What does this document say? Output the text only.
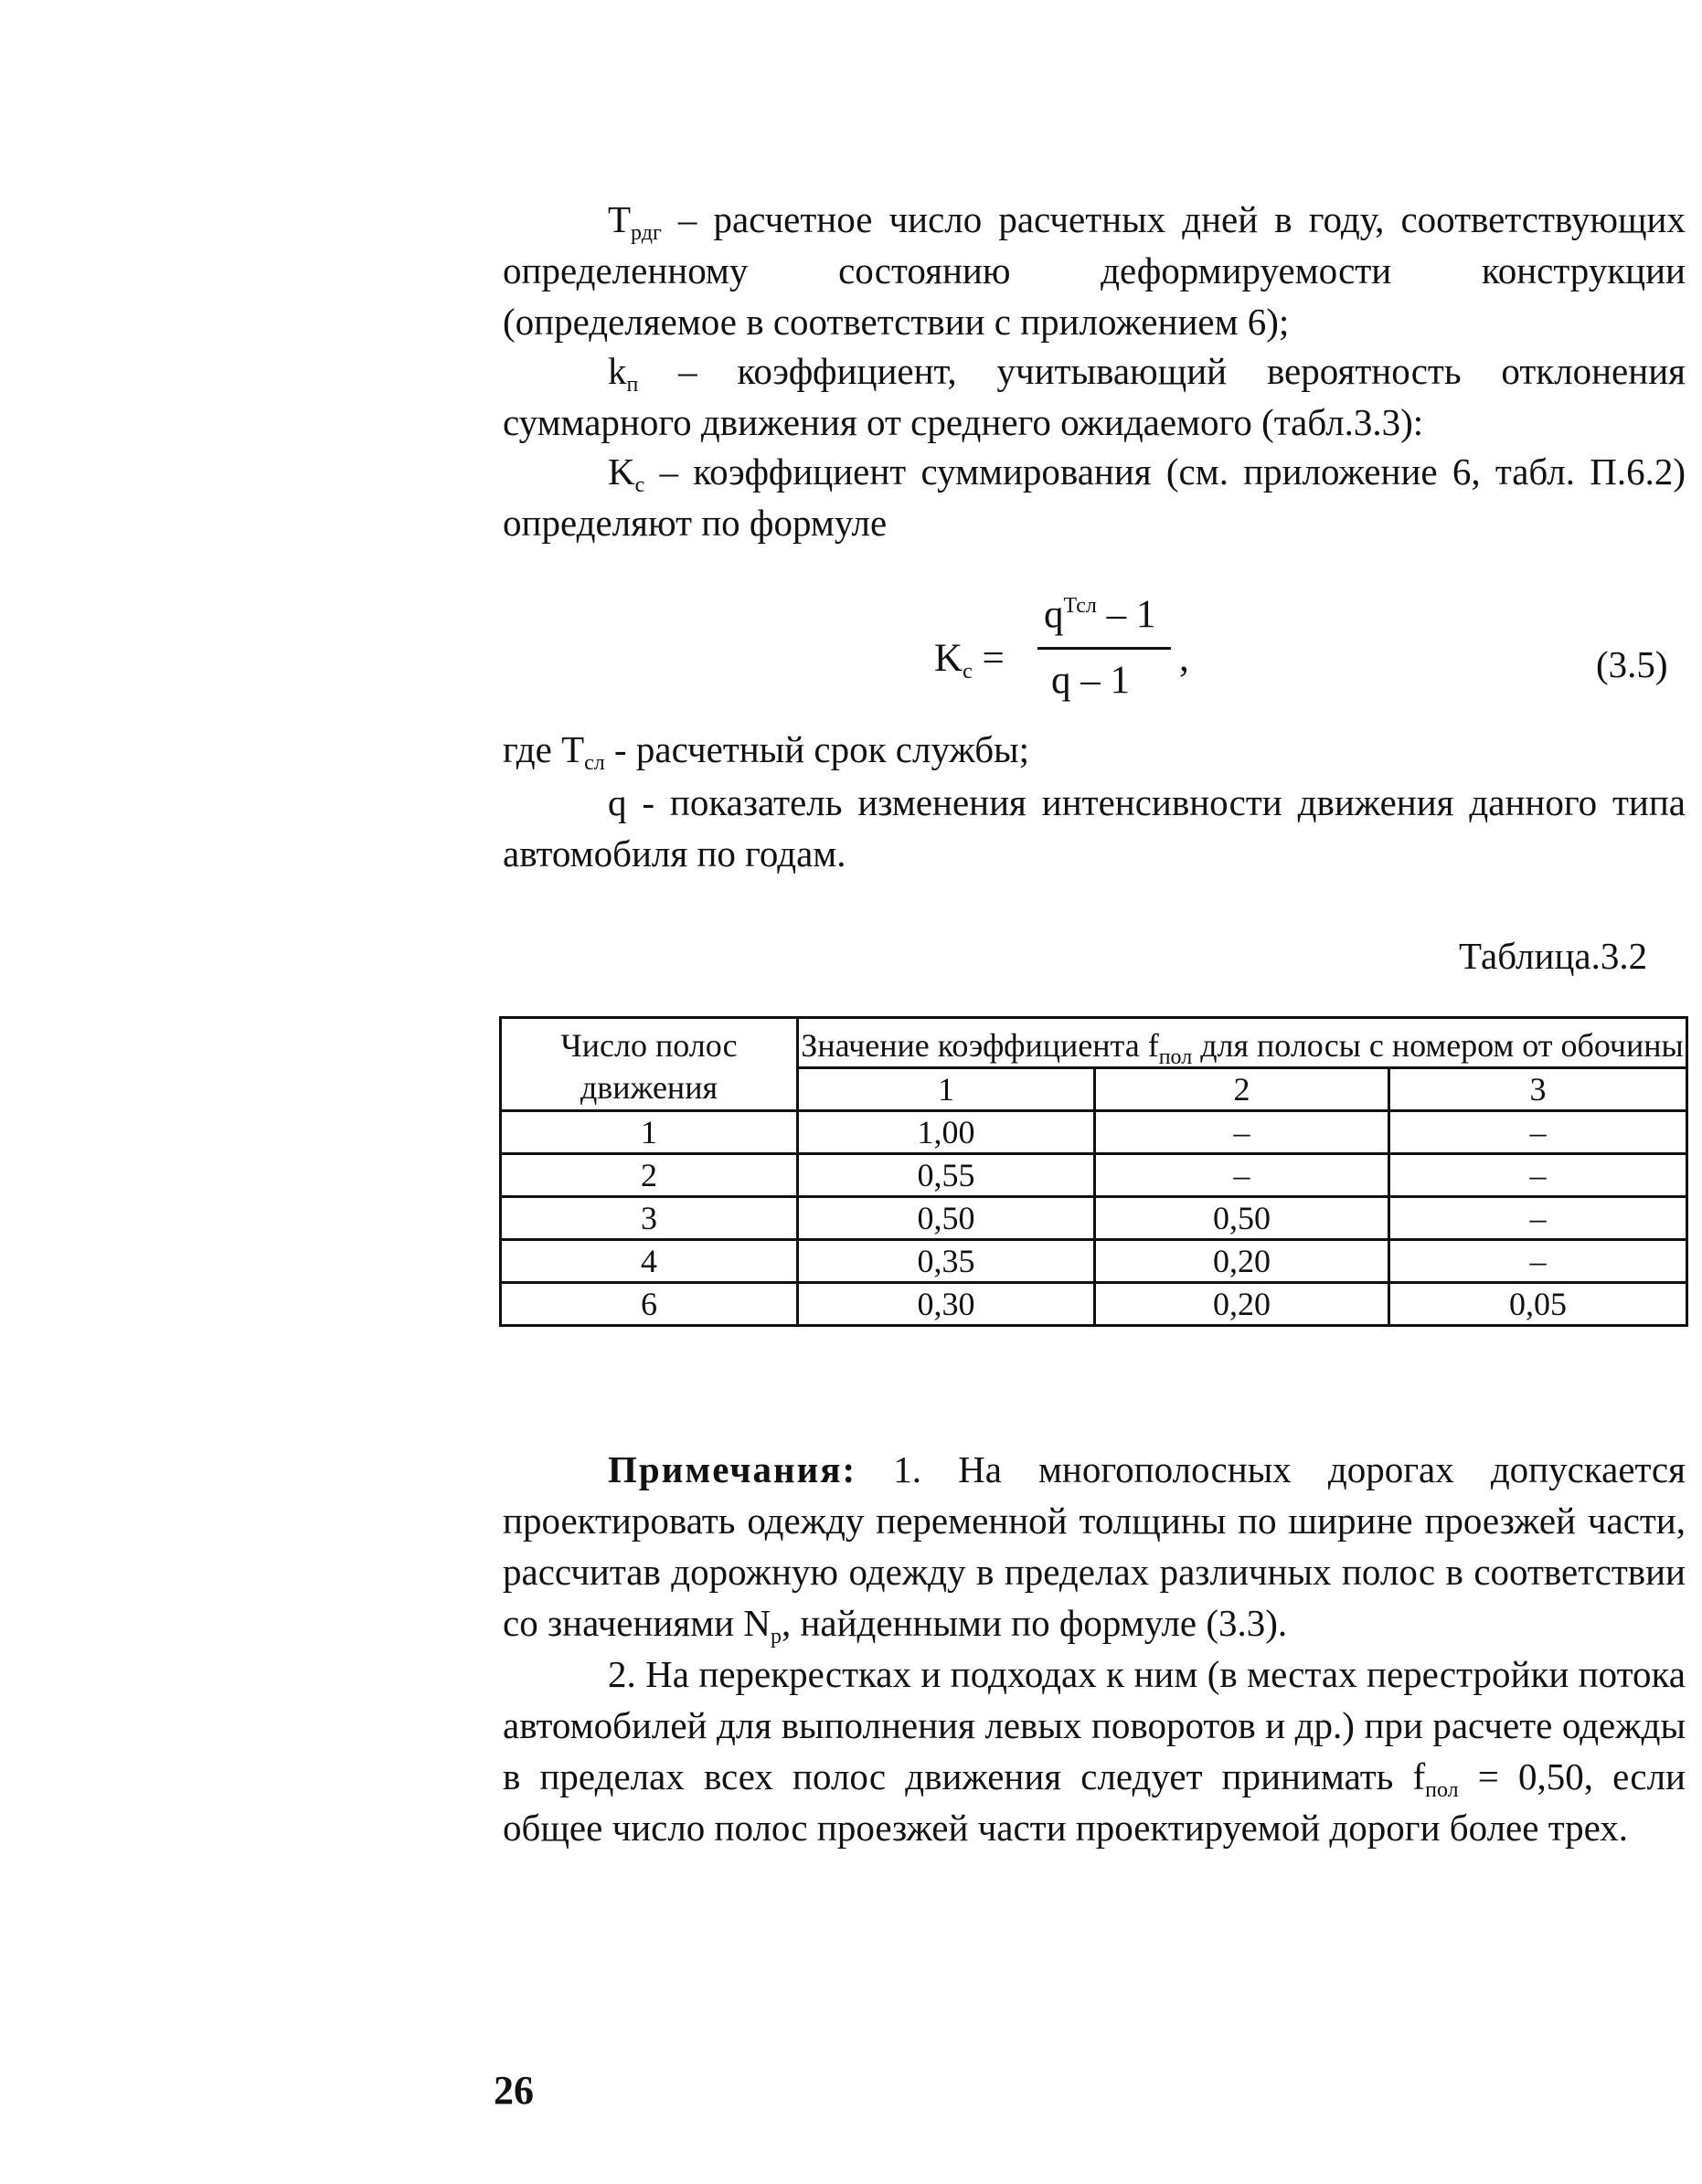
$T_{рдг}$ – расчетное число расчетных дней в году, соответствующих определенному состоянию деформируемости конструкции (определяемое в соответствии с приложением 6);

$k_п$ – коэффициент, учитывающий вероятность отклонения суммарного движения от среднего ожидаемого (табл.3.3):

$K_с$ – коэффициент суммирования (см. приложение 6, табл. П.6.2) определяют по формуле

$K_с$ =
$q^{Тсл} - 1$
q – 1
,	(3.5)

где $T_{сл}$ - расчетный срок службы;

q - показатель изменения интенсивности движения данного типа автомобиля по годам.

Таблица.3.2
Число полос движения	Значение коэффициента $f_{пол}$ для полосы с номером от обочины		
	1	2	3
1	1,00	–	–
2	0,55	–	–
3	0,50	0,50	–
4	0,35	0,20	–
6	0,30	0,20	0,05

Примечания: 1. На многополосных дорогах допускается проектировать одежду переменной толщины по ширине проезжей части, рассчитав дорожную одежду в пределах различных полос в соответствии со значениями $N_р$, найденными по формуле (3.3).

2. На перекрестках и подходах к ним (в местах перестройки потока автомобилей для выполнения левых поворотов и др.) при расчете одежды в пределах всех полос движения следует принимать $f_{пол} = 0,50$, если общее число полос проезжей части проектируемой дороги более трех.

26
